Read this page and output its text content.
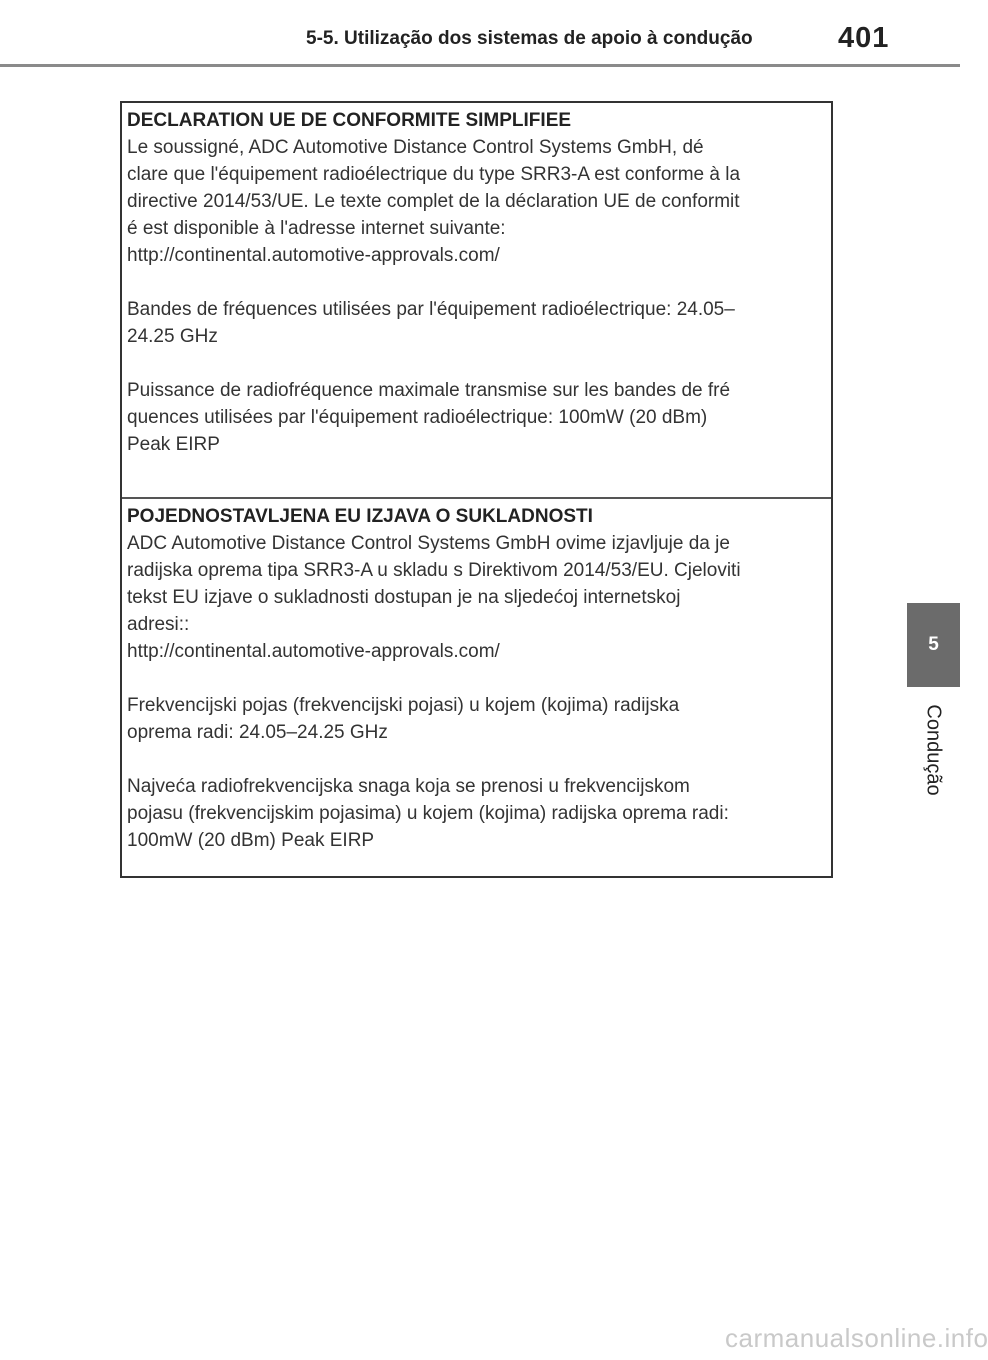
5-5. Utilização dos sistemas de apoio à condução	401
5
Condução
DECLARATION UE DE CONFORMITE SIMPLIFIEE
Le soussigné, ADC Automotive Distance Control Systems GmbH, dé
clare que l'équipement radioélectrique du type SRR3-A est conforme à la
directive 2014/53/UE. Le texte complet de la déclaration UE de conformit
é est disponible à l'adresse internet suivante:
http://continental.automotive-approvals.com/
Bandes de fréquences utilisées par l'équipement radioélectrique: 24.05–
24.25 GHz
Puissance de radiofréquence maximale transmise sur les bandes de fré
quences utilisées par l'équipement radioélectrique: 100mW (20 dBm)
Peak EIRP
POJEDNOSTAVLJENA EU IZJAVA O SUKLADNOSTI
ADC Automotive Distance Control Systems GmbH ovime izjavljuje da je
radijska oprema tipa SRR3-A u skladu s Direktivom 2014/53/EU. Cjeloviti
tekst EU izjave o sukladnosti dostupan je na sljedećoj internetskoj
adresi::
http://continental.automotive-approvals.com/
Frekvencijski pojas (frekvencijski pojasi) u kojem (kojima) radijska
oprema radi: 24.05–24.25 GHz
Najveća radiofrekvencijska snaga koja se prenosi u frekvencijskom
pojasu (frekvencijskim pojasima) u kojem (kojima) radijska oprema radi:
100mW (20 dBm) Peak EIRP
carmanualsonline.info
